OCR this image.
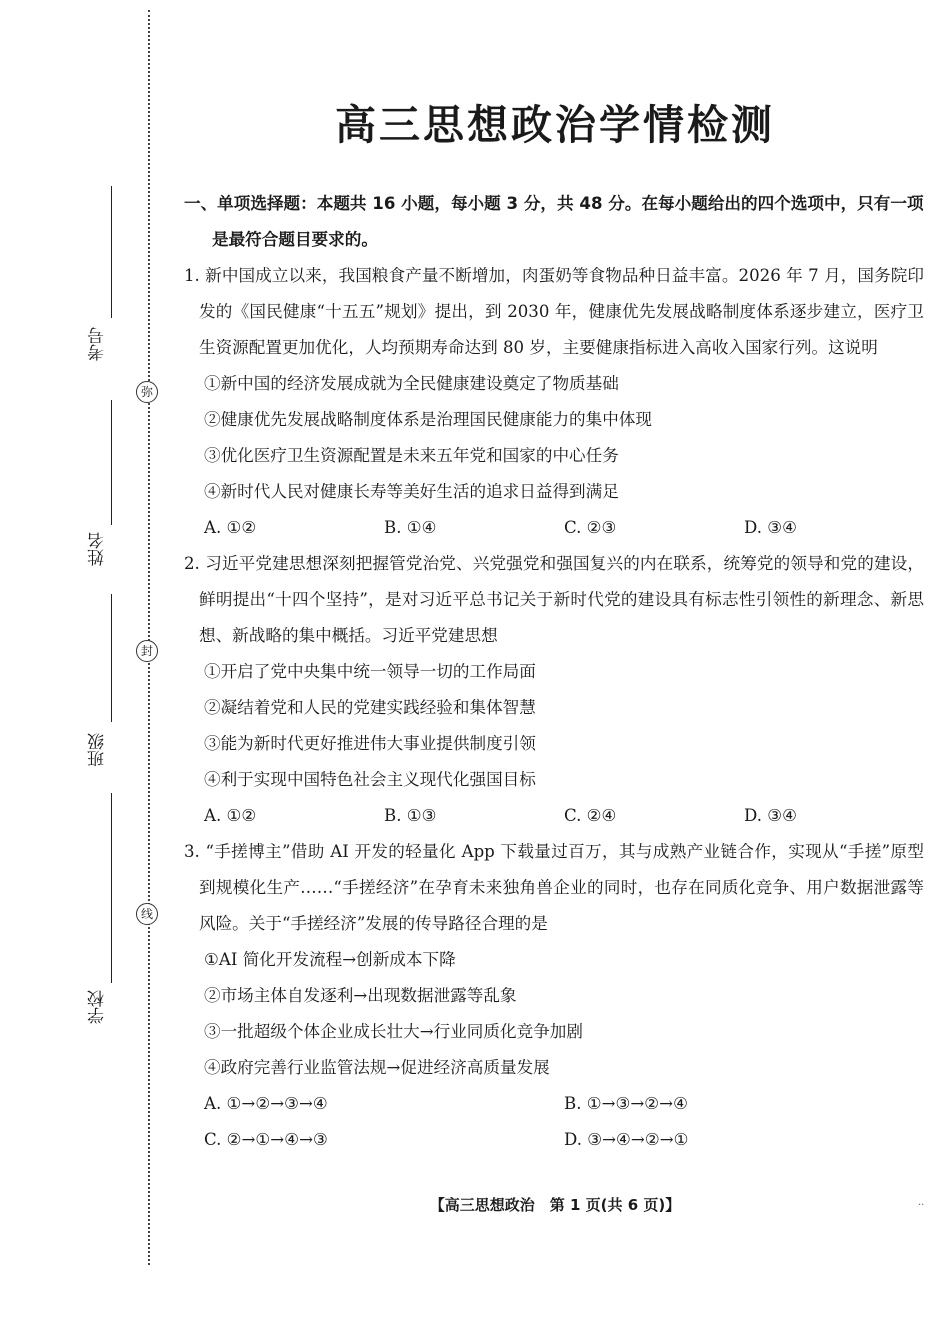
考号
姓名
班级
学校
弥
封
线
高三思想政治学情检测
一、单项选择题：本题共 16 小题，每小题 3 分，共 48 分。在每小题给出的四个选项中，只有一项
是最符合题目要求的。
1. 新中国成立以来，我国粮食产量不断增加，肉蛋奶等食物品种日益丰富。2026 年 7 月，国务院印发的《国民健康“十五五”规划》提出，到 2030 年，健康优先发展战略制度体系逐步建立，医疗卫生资源配置更加优化，人均预期寿命达到 80 岁，主要健康指标进入高收入国家行列。这说明
①新中国的经济发展成就为全民健康建设奠定了物质基础
②健康优先发展战略制度体系是治理国民健康能力的集中体现
③优化医疗卫生资源配置是未来五年党和国家的中心任务
④新时代人民对健康长寿等美好生活的追求日益得到满足
A. ①②	B. ①④	C. ②③	D. ③④
2. 习近平党建思想深刻把握管党治党、兴党强党和强国复兴的内在联系，统筹党的领导和党的建设，鲜明提出“十四个坚持”，是对习近平总书记关于新时代党的建设具有标志性引领性的新理念、新思想、新战略的集中概括。习近平党建思想
①开启了党中央集中统一领导一切的工作局面
②凝结着党和人民的党建实践经验和集体智慧
③能为新时代更好推进伟大事业提供制度引领
④利于实现中国特色社会主义现代化强国目标
A. ①②	B. ①③	C. ②④	D. ③④
3. “手搓博主”借助 AI 开发的轻量化 App 下载量过百万，其与成熟产业链合作，实现从“手搓”原型到规模化生产……“手搓经济”在孕育未来独角兽企业的同时，也存在同质化竞争、用户数据泄露等风险。关于“手搓经济”发展的传导路径合理的是
①AI 简化开发流程→创新成本下降
②市场主体自发逐利→出现数据泄露等乱象
③一批超级个体企业成长壮大→行业同质化竞争加剧
④政府完善行业监管法规→促进经济高质量发展
A. ①→②→③→④	B. ①→③→②→④
C. ②→①→④→③	D. ③→④→②→①
【高三思想政治　第 1 页(共 6 页)】	··
